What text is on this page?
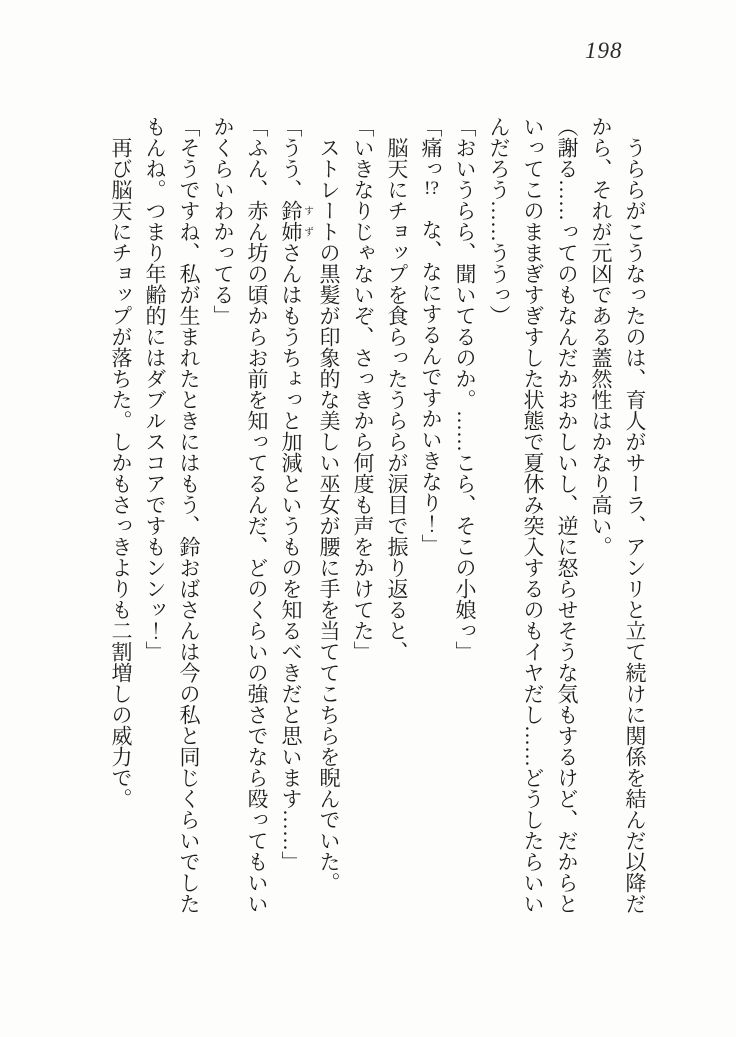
198

うららがこうなったのは、育人がサーラ、アンリと立て続けに関係を結んだ以降だから、それが元凶である蓋然性はかなり高い。

（謝る……ってのもなんだかおかしいし、逆に怒らせそうな気もするけど、だからといってこのままぎすぎすした状態で夏休み突入するのもイヤだし……どうしたらいいんだろう……ううっ）

「おいうらら、聞いてるのか。……こら、そこの小娘っ」

「痛っ!?　な、なにするんですかいきなり！」

脳天にチョップを食らったうららが涙目で振り返ると、

「いきなりじゃないぞ、さっきから何度も声をかけてた」

ストレートの黒髪が印象的な美しい巫女が腰に手を当ててこちらを睨んでいた。

「うう、鈴姉すずさんはもうちょっと加減というものを知るべきだと思います……」

「ふん、赤ん坊の頃からお前を知ってるんだ、どのくらいの強さでなら殴ってもいいかくらいわかってる」

「そうですね、私が生まれたときにはもう、鈴おばさんは今の私と同じくらいでしたもんね。つまり年齢的にはダブルスコアですもンンッ！」

再び脳天にチョップが落ちた。しかもさっきよりも二割増しの威力で。
